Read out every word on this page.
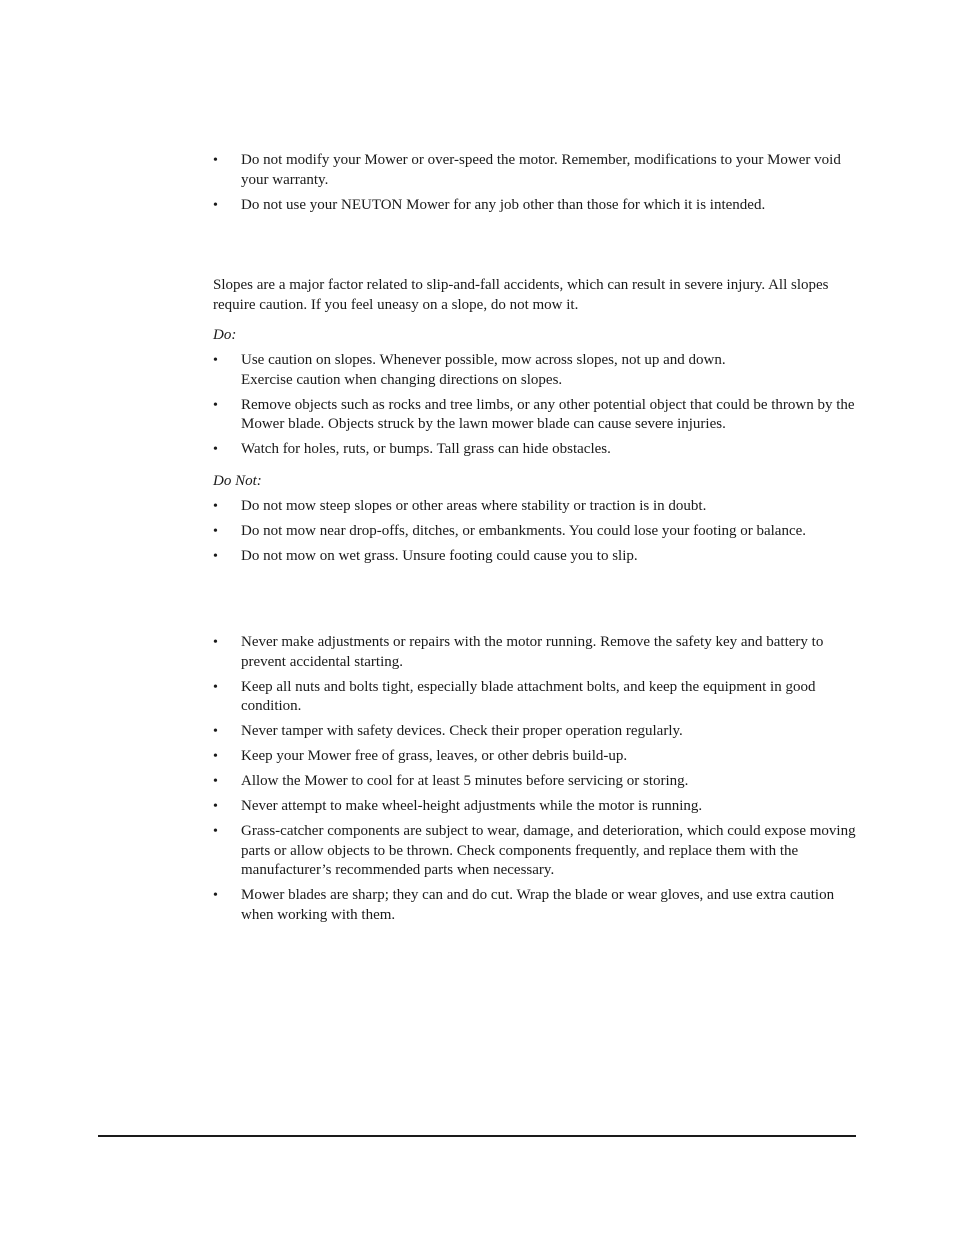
• Do not modify your Mower or over-speed the motor. Remember, modifications to your Mower void your warranty.
• Do not use your NEUTON Mower for any job other than those for which it is intended.

Slopes are a major factor related to slip-and-fall accidents, which can result in severe injury. All slopes require caution. If you feel uneasy on a slope, do not mow it.

Do:

• Use caution on slopes. Whenever possible, mow across slopes, not up and down.
Exercise caution when changing directions on slopes.
• Remove objects such as rocks and tree limbs, or any other potential object that could be thrown by the Mower blade. Objects struck by the lawn mower blade can cause severe injuries.
• Watch for holes, ruts, or bumps. Tall grass can hide obstacles.

Do Not:

• Do not mow steep slopes or other areas where stability or traction is in doubt.
• Do not mow near drop-offs, ditches, or embankments. You could lose your footing or balance.
• Do not mow on wet grass. Unsure footing could cause you to slip.
• Never make adjustments or repairs with the motor running. Remove the safety key and battery to prevent accidental starting.
• Keep all nuts and bolts tight, especially blade attachment bolts, and keep the equipment in good condition.
• Never tamper with safety devices. Check their proper operation regularly.
• Keep your Mower free of grass, leaves, or other debris build-up.
• Allow the Mower to cool for at least 5 minutes before servicing or storing.
• Never attempt to make wheel-height adjustments while the motor is running.
• Grass-catcher components are subject to wear, damage, and deterioration, which could expose moving parts or allow objects to be thrown. Check components frequently, and replace them with the manufacturer’s recommended parts when necessary.
• Mower blades are sharp; they can and do cut. Wrap the blade or wear gloves, and use extra caution when working with them.
